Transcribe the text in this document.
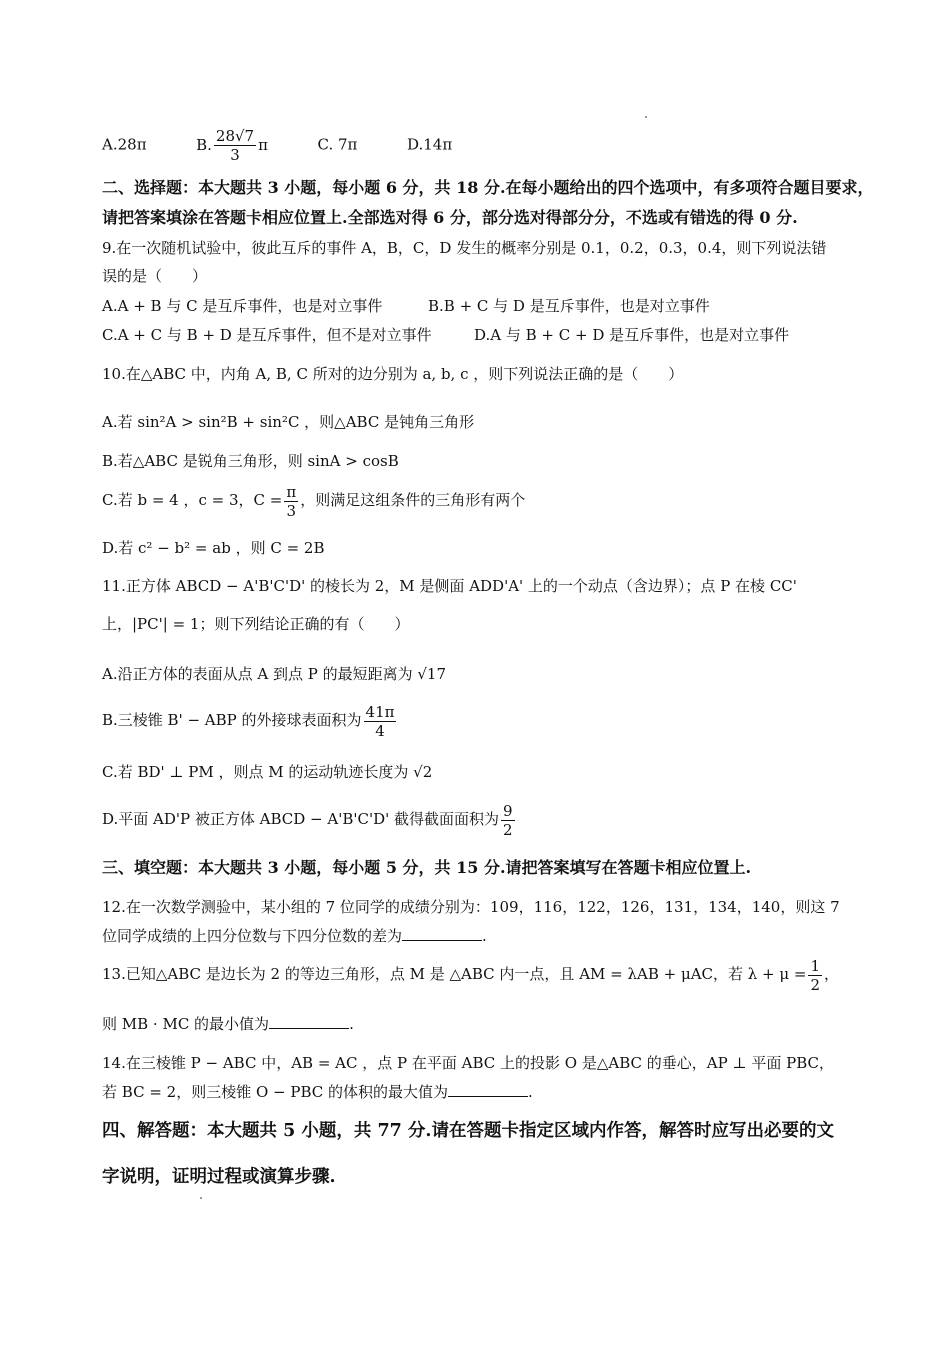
A.28π	B. $\frac{28√7}{3}$ π	C. 7π	D.14π
二、选择题：本大题共 3 小题，每小题 6 分，共 18 分.在每小题给出的四个选项中，有多项符合题目要求，
请把答案填涂在答题卡相应位置上.全部选对得 6 分，部分选对得部分分，不选或有错选的得 0 分.
9.在一次随机试验中，彼此互斥的事件 A，B，C，D 发生的概率分别是 0.1，0.2，0.3，0.4，则下列说法错
误的是（　　）
A.A + B 与 C 是互斥事件，也是对立事件	B.B + C 与 D 是互斥事件，也是对立事件
C.A + C 与 B + D 是互斥事件，但不是对立事件	D.A 与 B + C + D 是互斥事件，也是对立事件
10.在△ABC 中，内角 A, B, C 所对的边分别为 a, b, c ，则下列说法正确的是（　　）
A.若 sin²A > sin²B + sin²C ，则△ABC 是钝角三角形
B.若△ABC 是锐角三角形，则 sinA > cosB
C.若 b = 4 ，c = 3，$C = \frac{\pi}{3}$ ，则满足这组条件的三角形有两个
D.若 c² − b² = ab ，则 C = 2B
11.正方体 ABCD − A'B'C'D' 的棱长为 2，M 是侧面 ADD'A' 上的一个动点（含边界）；点 P 在棱 CC'
上，|PC'| = 1；则下列结论正确的有（　　）
A.沿正方体的表面从点 A 到点 P 的最短距离为 √17
B.三棱锥 B' − ABP 的外接球表面积为 $\frac{41\pi}{4}$
C.若 BD' ⊥ PM ，则点 M 的运动轨迹长度为 √2
D.平面 AD'P 被正方体 ABCD − A'B'C'D' 截得截面面积为 $\frac{9}{2}$
三、填空题：本大题共 3 小题，每小题 5 分，共 15 分.请把答案填写在答题卡相应位置上.
12.在一次数学测验中，某小组的 7 位同学的成绩分别为：109，116，122，126，131，134，140，则这 7
位同学成绩的上四分位数与下四分位数的差为	.
13.已知△ABC 是边长为 2 的等边三角形，点 M 是 △ABC 内一点，且 AM = λAB + μAC，若 $\lambda + \mu = \frac{1}{2}$ ，
则 MB · MC 的最小值为	.
14.在三棱锥 P − ABC 中，AB = AC ，点 P 在平面 ABC 上的投影 O 是△ABC 的垂心，AP ⊥ 平面 PBC，
若 BC = 2，则三棱锥 O − PBC 的体积的最大值为	.
四、解答题：本大题共 5 小题，共 77 分.请在答题卡指定区域内作答，解答时应写出必要的文
字说明，证明过程或演算步骤.
